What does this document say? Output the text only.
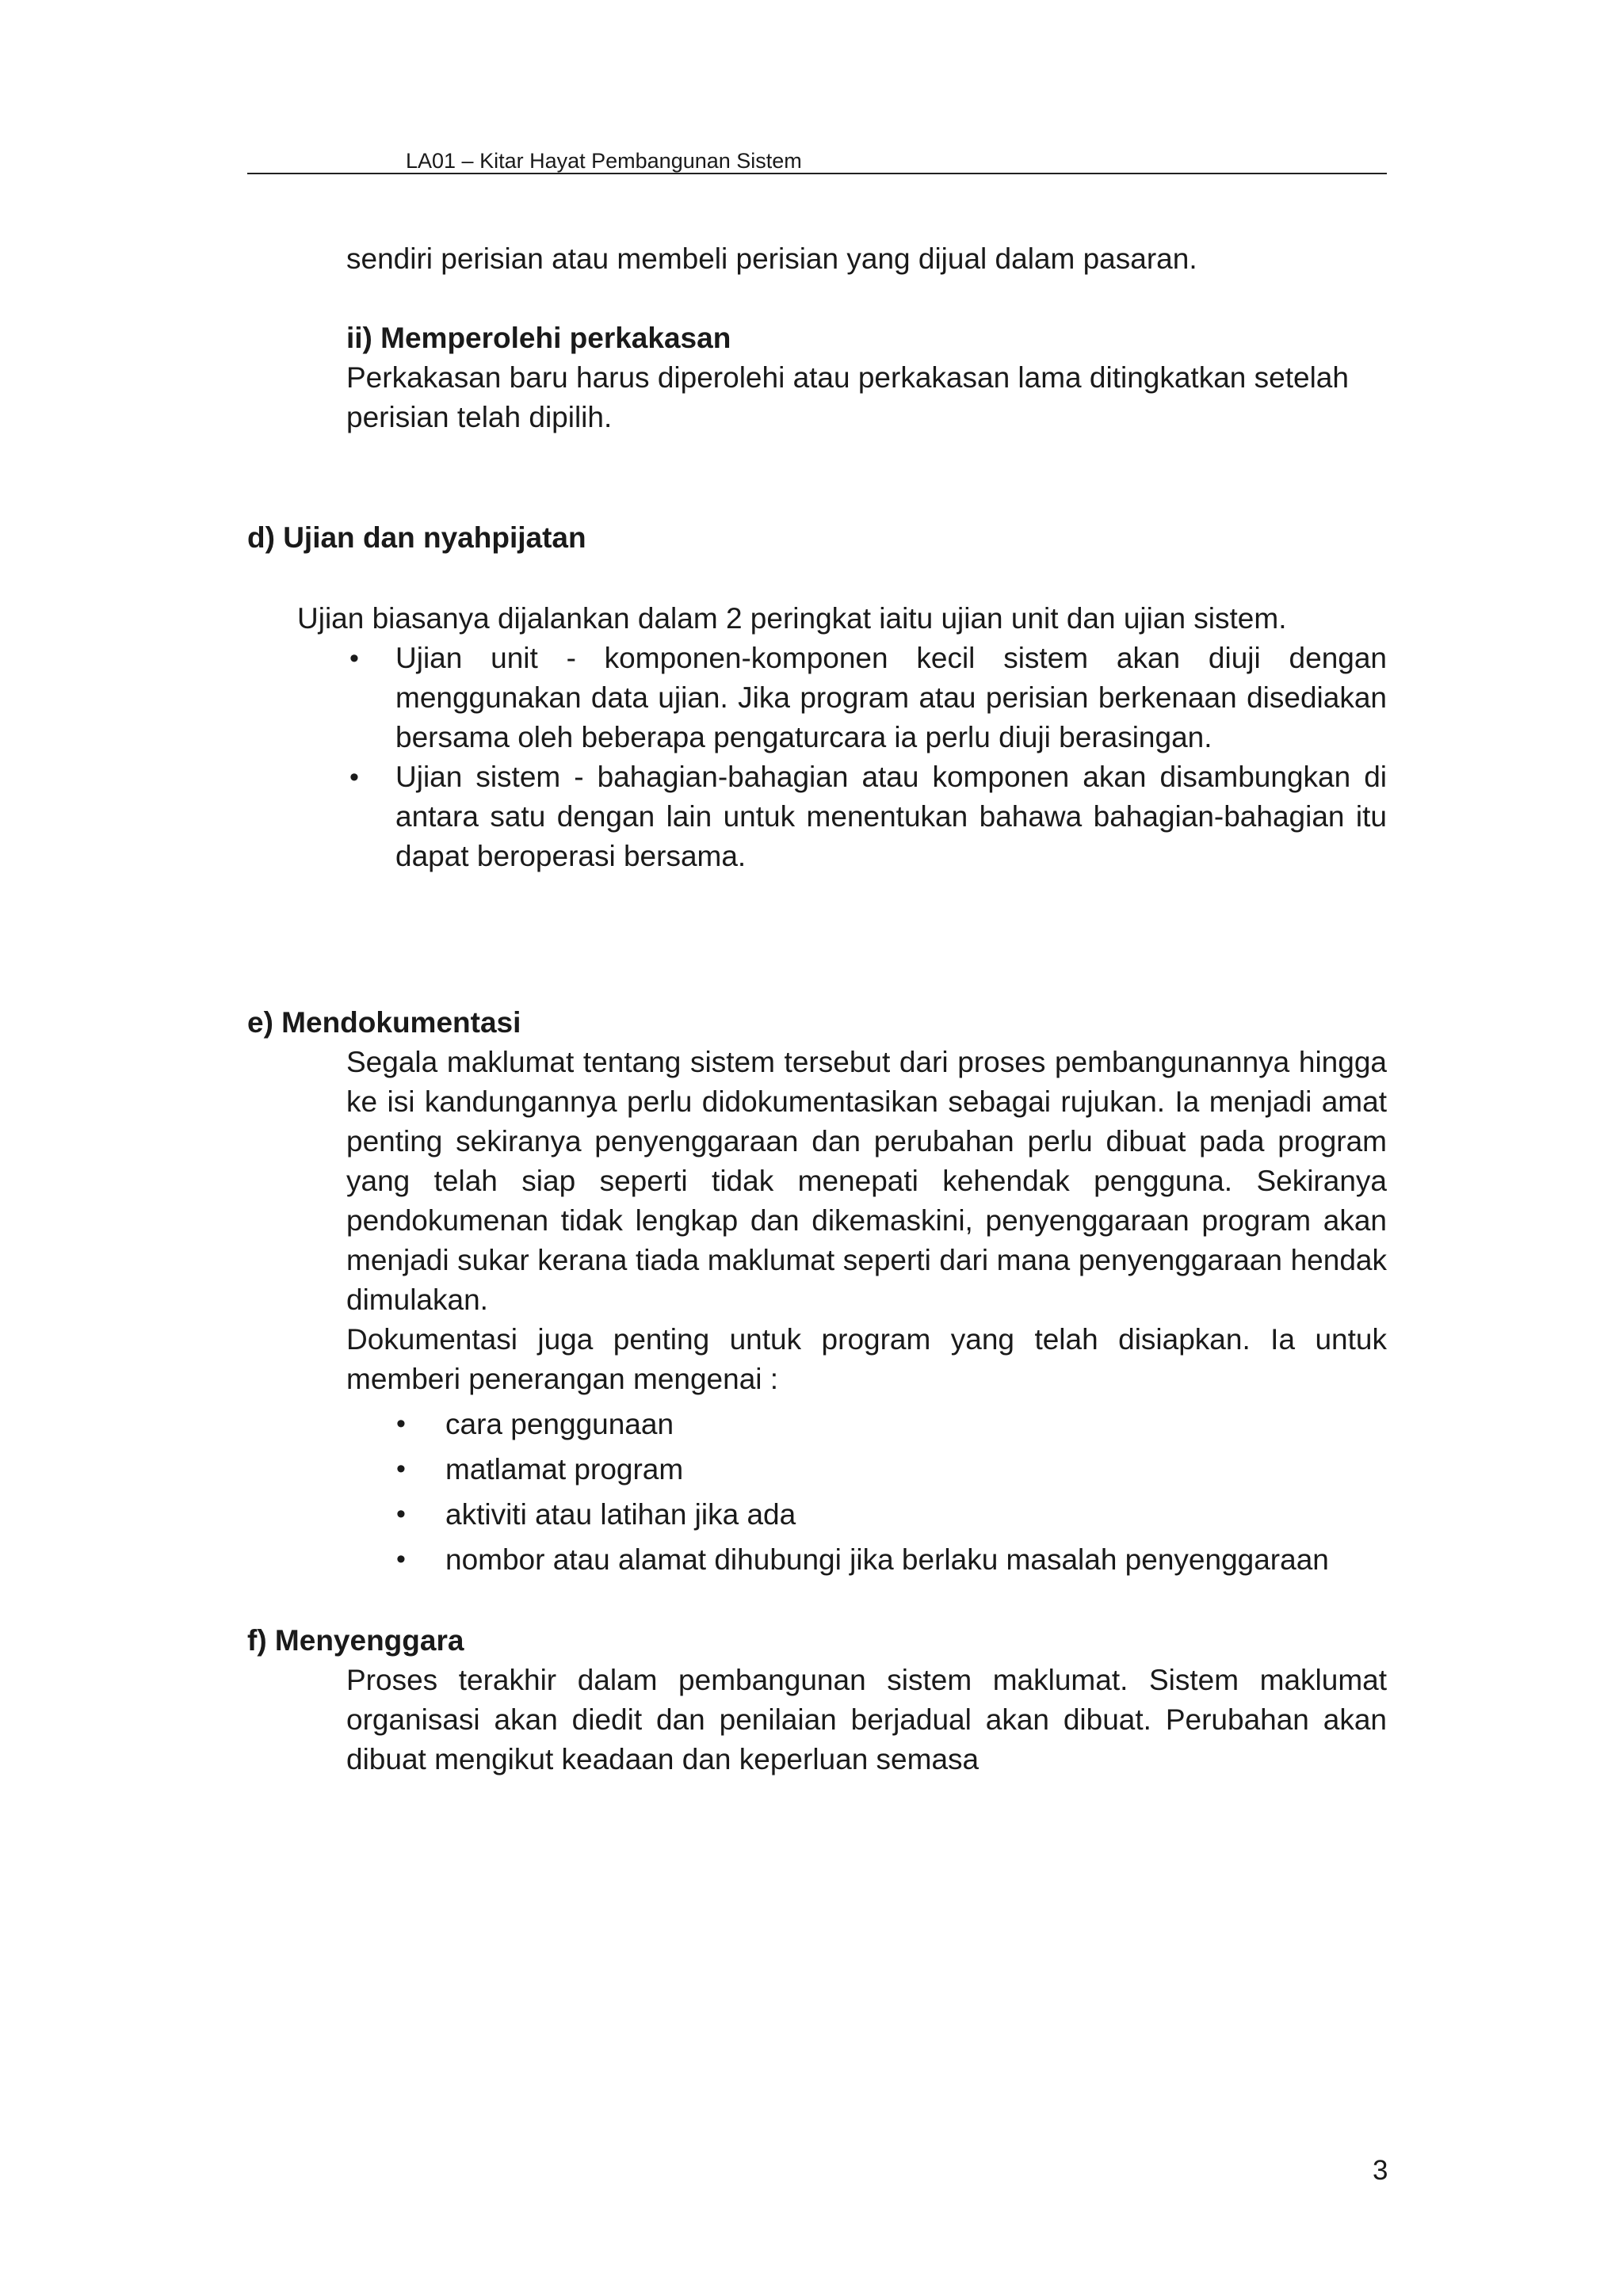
LA01 – Kitar Hayat Pembangunan Sistem
sendiri perisian atau membeli perisian yang dijual dalam pasaran.
ii) Memperolehi perkakasan
Perkakasan baru harus diperolehi atau perkakasan lama ditingkatkan setelah perisian telah dipilih.
d) Ujian dan nyahpijatan
Ujian biasanya dijalankan dalam 2 peringkat iaitu ujian unit dan ujian sistem.
• Ujian unit - komponen-komponen kecil sistem akan diuji dengan menggunakan data ujian. Jika program atau perisian berkenaan disediakan bersama oleh beberapa pengaturcara ia perlu diuji berasingan.
• Ujian sistem - bahagian-bahagian atau komponen akan disambungkan di antara satu dengan lain untuk menentukan bahawa bahagian-bahagian itu dapat beroperasi bersama.
e) Mendokumentasi
Segala maklumat tentang sistem tersebut dari proses pembangunannya hingga ke isi kandungannya perlu didokumentasikan sebagai rujukan. Ia menjadi amat penting sekiranya penyenggaraan dan perubahan perlu dibuat pada program yang telah siap seperti tidak menepati kehendak pengguna. Sekiranya pendokumenan tidak lengkap dan dikemaskini, penyenggaraan program akan menjadi sukar kerana tiada maklumat seperti dari mana penyenggaraan hendak dimulakan.
Dokumentasi juga penting untuk program yang telah disiapkan. Ia untuk memberi penerangan mengenai :
• cara penggunaan
• matlamat program
• aktiviti atau latihan jika ada
• nombor atau alamat dihubungi jika berlaku masalah penyenggaraan
f) Menyenggara
Proses terakhir dalam pembangunan sistem maklumat. Sistem maklumat organisasi akan diedit dan penilaian berjadual akan dibuat. Perubahan akan dibuat mengikut keadaan dan keperluan semasa
3
